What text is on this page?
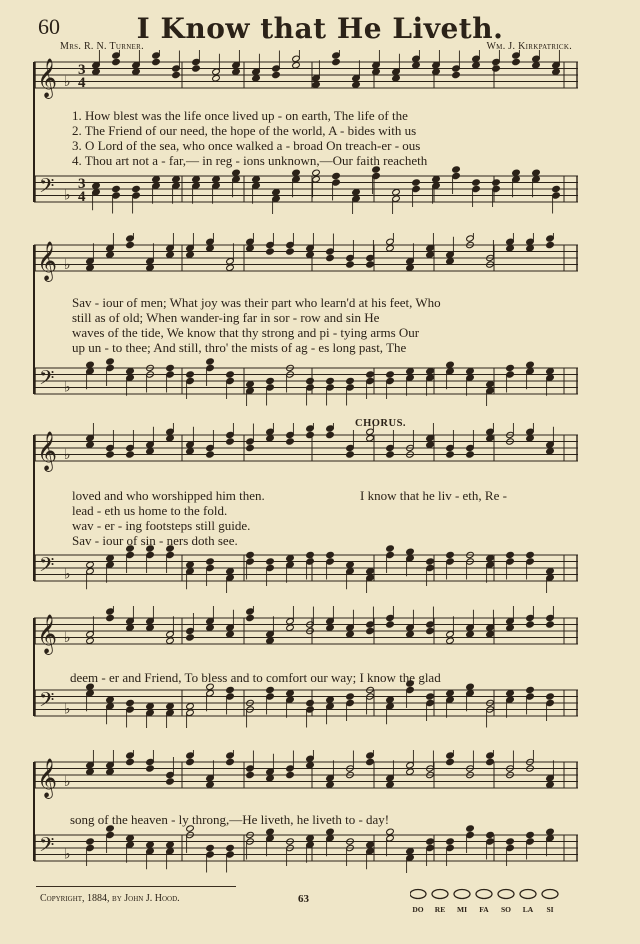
60	I Know that He Liveth.
Mrs. R. N. Turner.	Wm. J. Kirkpatrick.
𝄞 ♭
3
4
𝄢 ♭
3
4
𝄞 ♭
𝄢 ♭
𝄞 ♭
𝄢 ♭
𝄞 ♭
𝄢 ♭
𝄞 ♭
𝄢 ♭
1. How blest was the life once lived up - on earth, The life of the
2. The Friend of our need, the hope of the world, A - bides with us
3. O Lord of the sea, who once walked a - broad On treach-er - ous
4. Thou art not a - far,— in reg - ions unknown,—Our faith reacheth
Sav - iour of men; What joy was their part who learn'd at his feet, Who
still as of old; When wander-ing far in sor - row and sin He
waves of the tide, We know that thy strong and pi - tying arms Our
up un - to thee; And still, thro' the mists of ag - es long past, The
CHORUS.
loved and who worshipped him then.
lead - eth us home to the fold.
wav - er - ing footsteps still guide.
Sav - iour of sin - ners doth see.
I know that he liv - eth, Re -
deem - er and Friend, To bless and to comfort our way; I know the glad
song of the heaven - ly throng,—He liveth, he liveth to - day!
Copyright, 1884, by John J. Hood.	63
DO RE MI FA SO LA SI
